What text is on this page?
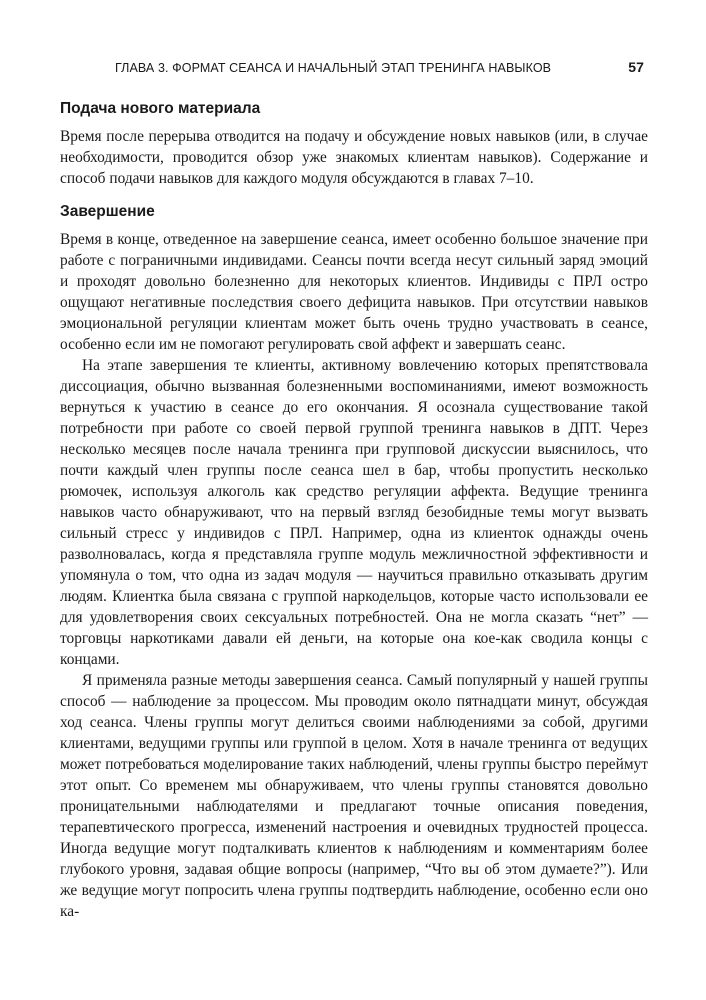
ГЛАВА 3. ФОРМАТ СЕАНСА И НАЧАЛЬНЫЙ ЭТАП ТРЕНИНГА НАВЫКОВ	57
Подача нового материала

Время после перерыва отводится на подачу и обсуждение новых навыков (или, в случае необходимости, проводится обзор уже знакомых клиентам навыков). Содержание и способ подачи навыков для каждого модуля обсуждаются в главах 7–10.

Завершение

Время в конце, отведенное на завершение сеанса, имеет особенно большое значение при работе с пограничными индивидами. Сеансы почти всегда несут сильный заряд эмоций и проходят довольно болезненно для некоторых клиентов. Индивиды с ПРЛ остро ощущают негативные последствия своего дефицита навыков. При отсутствии навыков эмоциональной регуляции клиентам может быть очень трудно участвовать в сеансе, особенно если им не помогают регулировать свой аффект и завершать сеанс.

На этапе завершения те клиенты, активному вовлечению которых препятствовала диссоциация, обычно вызванная болезненными воспоминаниями, имеют возможность вернуться к участию в сеансе до его окончания. Я осознала существование такой потребности при работе со своей первой группой тренинга навыков в ДПТ. Через несколько месяцев после начала тренинга при групповой дискуссии выяснилось, что почти каждый член группы после сеанса шел в бар, чтобы пропустить несколько рюмочек, используя алкоголь как средство регуляции аффекта. Ведущие тренинга навыков часто обнаруживают, что на первый взгляд безобидные темы могут вызвать сильный стресс у индивидов с ПРЛ. Например, одна из клиенток однажды очень разволновалась, когда я представляла группе модуль межличностной эффективности и упомянула о том, что одна из задач модуля — научиться правильно отказывать другим людям. Клиентка была связана с группой наркодельцов, которые часто использовали ее для удовлетворения своих сексуальных потребностей. Она не могла сказать “нет” — торговцы наркотиками давали ей деньги, на которые она кое-как сводила концы с концами.

Я применяла разные методы завершения сеанса. Самый популярный у нашей группы способ — наблюдение за процессом. Мы проводим около пятнадцати минут, обсуждая ход сеанса. Члены группы могут делиться своими наблюдениями за собой, другими клиентами, ведущими группы или группой в целом. Хотя в начале тренинга от ведущих может потребоваться моделирование таких наблюдений, члены группы быстро переймут этот опыт. Со временем мы обнаруживаем, что члены группы становятся довольно проницательными наблюдателями и предлагают точные описания поведения, терапевтического прогресса, изменений настроения и очевидных трудностей процесса. Иногда ведущие могут подталкивать клиентов к наблюдениям и комментариям более глубокого уровня, задавая общие вопросы (например, “Что вы об этом думаете?”). Или же ведущие могут попросить члена группы подтвердить наблюдение, особенно если оно ка-
